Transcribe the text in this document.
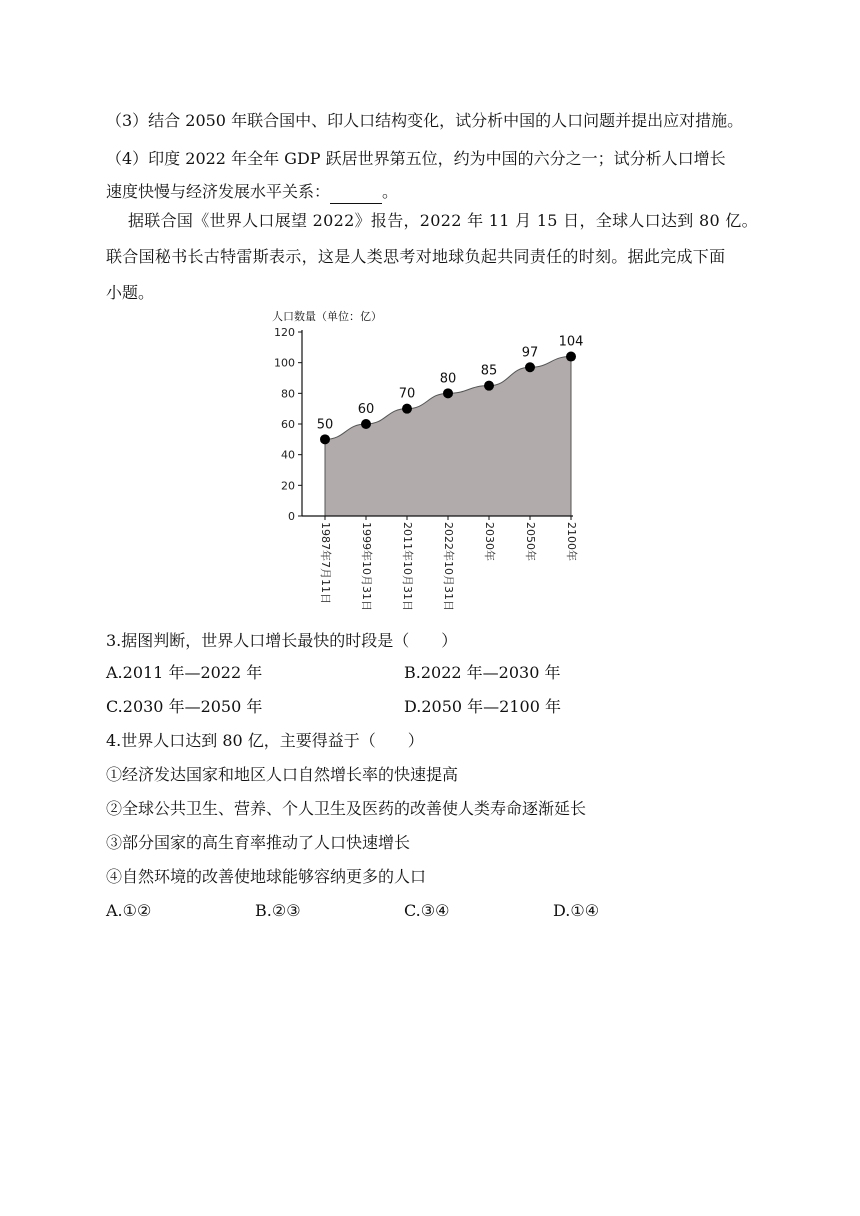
（3）结合 2050 年联合国中、印人口结构变化，试分析中国的人口问题并提出应对措施。
（4）印度 2022 年全年 GDP 跃居世界第五位，约为中国的六分之一；试分析人口增长
速度快慢与经济发展水平关系：	。
据联合国《世界人口展望 2022》报告，2022 年 11 月 15 日，全球人口达到 80 亿。
联合国秘书长古特雷斯表示，这是人类思考对地球负起共同责任的时刻。据此完成下面
小题。
人口数量（单位：亿）
0
20
40
60
80
100
120
1987年7月11日	1999年10月31日	2011年10月31日	2022年10月31日	2030年	2050年	2100年
50
60
70
80
85
97
104
3.据图判断，世界人口增长最快的时段是（　　）
A.2011 年—2022 年	B.2022 年—2030 年
C.2030 年—2050 年	D.2050 年—2100 年
4.世界人口达到 80 亿，主要得益于（　　）
①经济发达国家和地区人口自然增长率的快速提高
②全球公共卫生、营养、个人卫生及医药的改善使人类寿命逐渐延长
③部分国家的高生育率推动了人口快速增长
④自然环境的改善使地球能够容纳更多的人口
A.①②	B.②③	C.③④	D.①④
